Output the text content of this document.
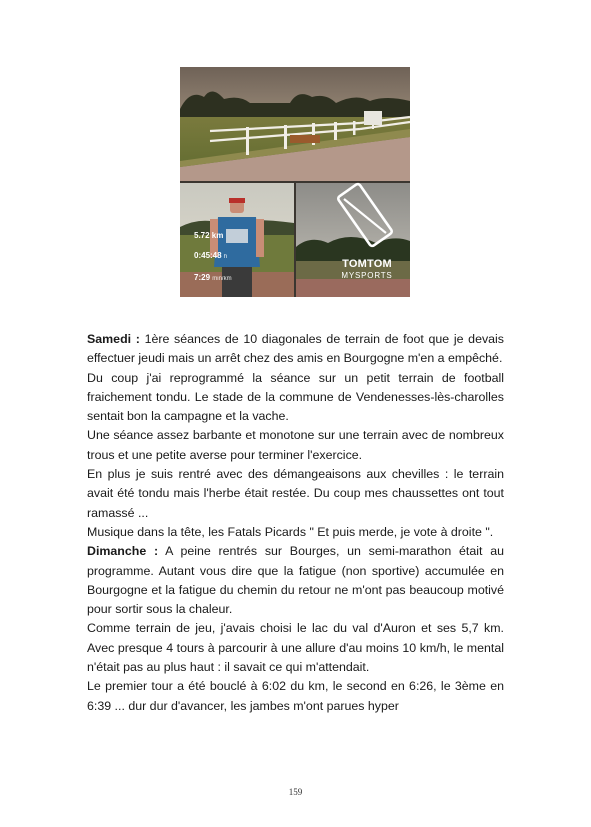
5.72 km
0:45:48 h
7:29 min/km
TOMTOM
MYSPORTS

Samedi : 1ère séances de 10 diagonales de terrain de foot que je devais effectuer jeudi mais un arrêt chez des amis en Bourgogne m'en a empêché.

Du coup j'ai reprogrammé la séance sur un petit terrain de football fraichement tondu. Le stade de la commune de Vendenesses-lès-charolles sentait bon la campagne et la vache.

Une séance assez barbante et monotone sur une terrain avec de nombreux trous et une petite averse pour terminer l'exercice.

En plus je suis rentré avec des démangeaisons aux chevilles : le terrain avait été tondu mais l'herbe était restée. Du coup mes chaussettes ont tout ramassé ...

Musique dans la tête, les Fatals Picards " Et puis merde, je vote à droite ".

Dimanche : A peine rentrés sur Bourges, un semi-marathon était au programme. Autant vous dire que la fatigue (non sportive) accumulée en Bourgogne et la fatigue du chemin du retour ne m'ont pas beaucoup motivé pour sortir sous la chaleur.

Comme terrain de jeu, j'avais choisi le lac du val d'Auron et ses 5,7 km. Avec presque 4 tours à parcourir à une allure d'au moins 10 km/h, le mental n'était pas au plus haut : il savait ce qui m'attendait.

Le premier tour a été bouclé à 6:02 du km, le second en 6:26, le 3ème en 6:39 ... dur dur d'avancer, les jambes m'ont parues hyper

159
